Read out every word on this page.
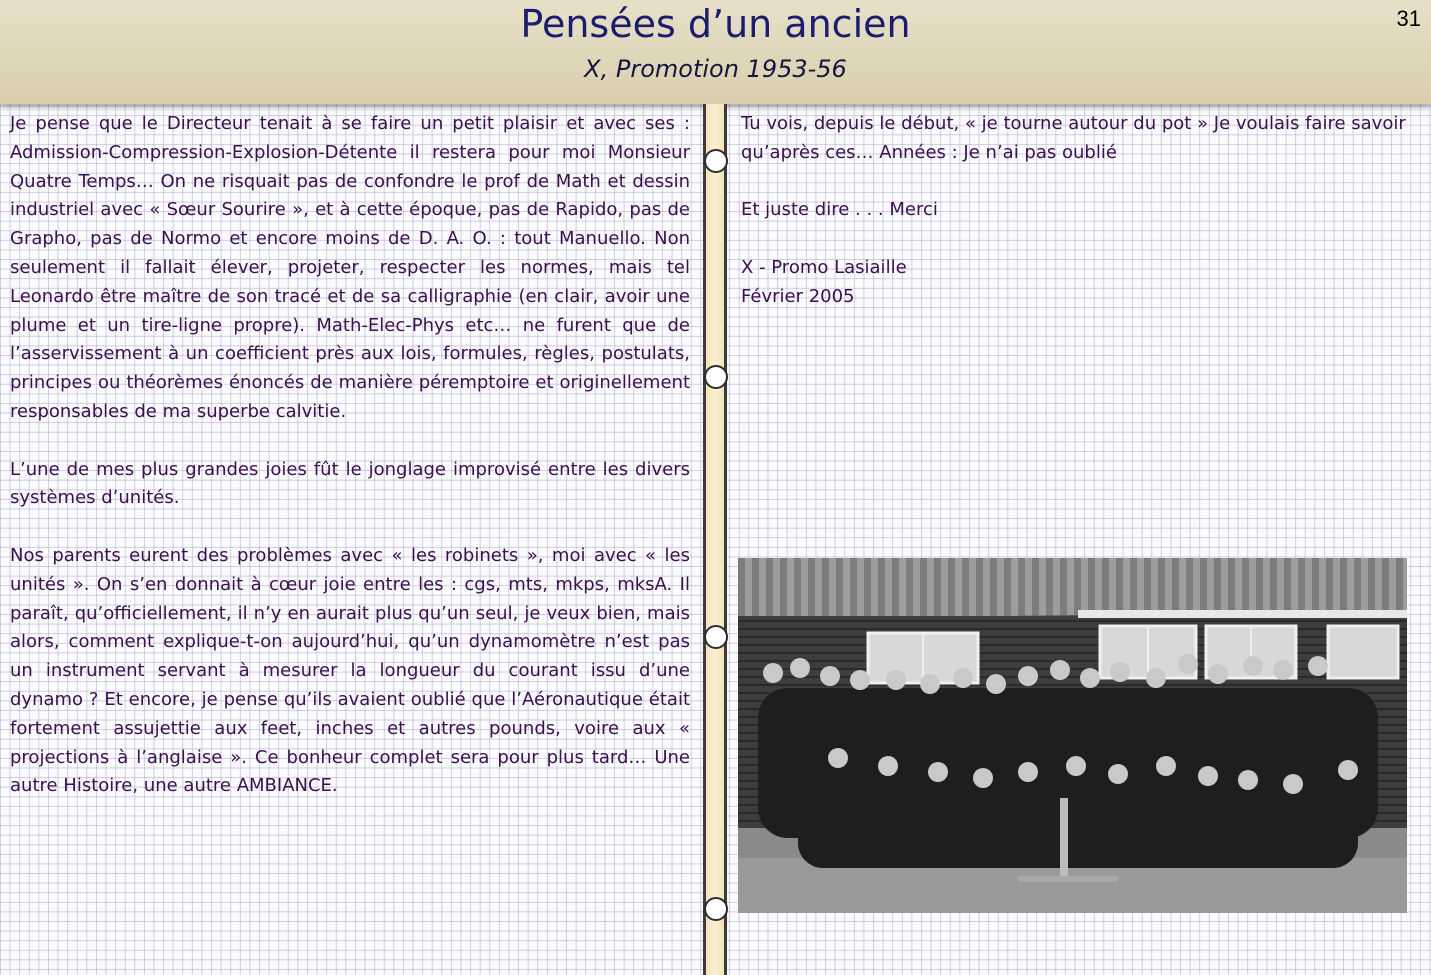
Pensées d’un ancien
X, Promotion 1953-56
31

Je pense que le Directeur tenait à se faire un petit plaisir et avec ses : Admission-Compression-Explosion-Détente il restera pour moi Monsieur Quatre Temps… On ne risquait pas de confondre le prof de Math et dessin industriel avec « Sœur Sourire », et à cette époque, pas de Rapido, pas de Grapho, pas de Normo et encore moins de D. A. O. : tout Manuello. Non seulement il fallait élever, projeter, respecter les normes, mais tel Leonardo être maître de son tracé et de sa calligraphie (en clair, avoir une plume et un tire-ligne propre). Math-Elec-Phys etc… ne furent que de l’asservissement à un coefficient près aux lois, formules, règles, postulats, principes ou théorèmes énoncés de manière péremptoire et originellement responsables de ma superbe calvitie.

L’une de mes plus grandes joies fût le jonglage improvisé entre les divers systèmes d’unités.

Nos parents eurent des problèmes avec « les robinets », moi avec « les unités ». On s’en donnait à cœur joie entre les : cgs, mts, mkps, mksA. Il paraît, qu’officiellement, il n’y en aurait plus qu’un seul, je veux bien, mais alors, comment explique-t-on aujourd’hui, qu’un dynamomètre n’est pas un instrument servant à mesurer la longueur du courant issu d’une dynamo ? Et encore, je pense qu’ils avaient oublié que l’Aéronautique était fortement assujettie aux feet, inches et autres pounds, voire aux « projections à l’anglaise ». Ce bonheur complet sera pour plus tard… Une autre Histoire, une autre AMBIANCE.

Tu vois, depuis le début, « je tourne autour du pot » Je voulais faire savoir qu’après ces… Années : Je n’ai pas oublié

Et juste dire . . . Merci

X - Promo Lasiaille

Février 2005
